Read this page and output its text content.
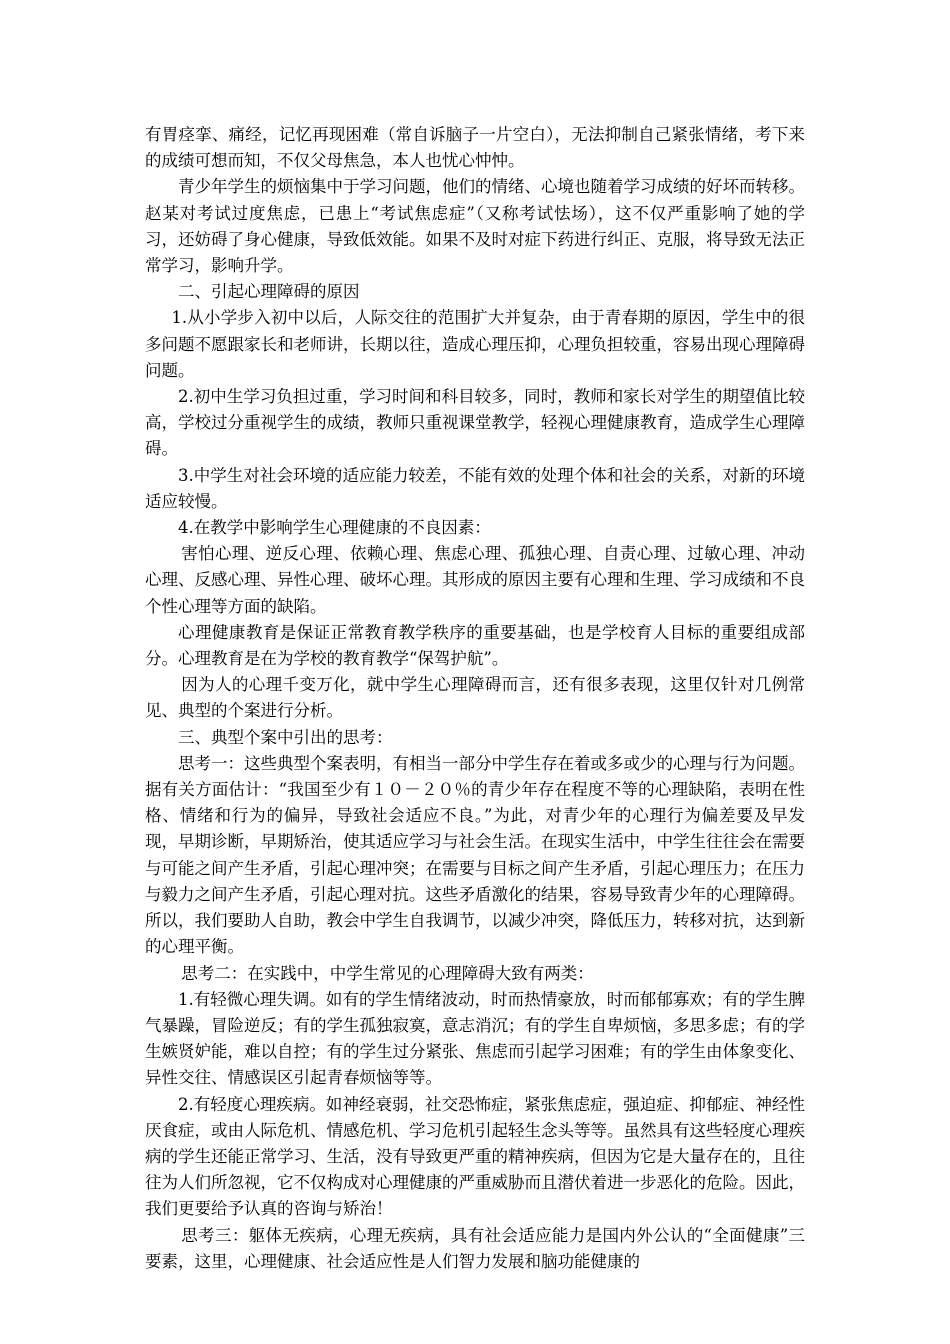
有胃痉挛、痛经，记忆再现困难（常自诉脑子一片空白），无法抑制自己紧张情绪，考下来的成绩可想而知，不仅父母焦急，本人也忧心忡忡。

青少年学生的烦恼集中于学习问题，他们的情绪、心境也随着学习成绩的好坏而转移。赵某对考试过度焦虑，已患上“考试焦虑症”（又称考试怯场），这不仅严重影响了她的学习，还妨碍了身心健康，导致低效能。如果不及时对症下药进行纠正、克服，将导致无法正常学习，影响升学。

二、引起心理障碍的原因

1.从小学步入初中以后，人际交往的范围扩大并复杂，由于青春期的原因，学生中的很多问题不愿跟家长和老师讲，长期以往，造成心理压抑，心理负担较重，容易出现心理障碍问题。

2.初中生学习负担过重，学习时间和科目较多，同时，教师和家长对学生的期望值比较高，学校过分重视学生的成绩，教师只重视课堂教学，轻视心理健康教育，造成学生心理障碍。

3.中学生对社会环境的适应能力较差，不能有效的处理个体和社会的关系，对新的环境适应较慢。

4.在教学中影响学生心理健康的不良因素：

害怕心理、逆反心理、依赖心理、焦虑心理、孤独心理、自责心理、过敏心理、冲动心理、反感心理、异性心理、破坏心理。其形成的原因主要有心理和生理、学习成绩和不良个性心理等方面的缺陷。

心理健康教育是保证正常教育教学秩序的重要基础，也是学校育人目标的重要组成部分。心理教育是在为学校的教育教学“保驾护航”。

因为人的心理千变万化，就中学生心理障碍而言，还有很多表现，这里仅针对几例常见、典型的个案进行分析。

三、典型个案中引出的思考：

思考一：这些典型个案表明，有相当一部分中学生存在着或多或少的心理与行为问题。据有关方面估计：“我国至少有１０－２０％的青少年存在程度不等的心理缺陷，表明在性格、情绪和行为的偏异，导致社会适应不良。”为此，对青少年的心理行为偏差要及早发现，早期诊断，早期矫治，使其适应学习与社会生活。在现实生活中，中学生往往会在需要与可能之间产生矛盾，引起心理冲突；在需要与目标之间产生矛盾，引起心理压力；在压力与毅力之间产生矛盾，引起心理对抗。这些矛盾激化的结果，容易导致青少年的心理障碍。所以，我们要助人自助，教会中学生自我调节，以减少冲突，降低压力，转移对抗，达到新的心理平衡。

思考二：在实践中，中学生常见的心理障碍大致有两类：

1.有轻微心理失调。如有的学生情绪波动，时而热情豪放，时而郁郁寡欢；有的学生脾气暴躁，冒险逆反；有的学生孤独寂寞，意志消沉；有的学生自卑烦恼，多思多虑；有的学生嫉贤妒能，难以自控；有的学生过分紧张、焦虑而引起学习困难；有的学生由体象变化、异性交往、情感误区引起青春烦恼等等。

2.有轻度心理疾病。如神经衰弱，社交恐怖症，紧张焦虑症，强迫症、抑郁症、神经性厌食症，或由人际危机、情感危机、学习危机引起轻生念头等等。虽然具有这些轻度心理疾病的学生还能正常学习、生活，没有导致更严重的精神疾病，但因为它是大量存在的，且往往为人们所忽视，它不仅构成对心理健康的严重威胁而且潜伏着进一步恶化的危险。因此，我们更要给予认真的咨询与矫治！

思考三：躯体无疾病，心理无疾病，具有社会适应能力是国内外公认的“全面健康”三要素，这里，心理健康、社会适应性是人们智力发展和脑功能健康的
